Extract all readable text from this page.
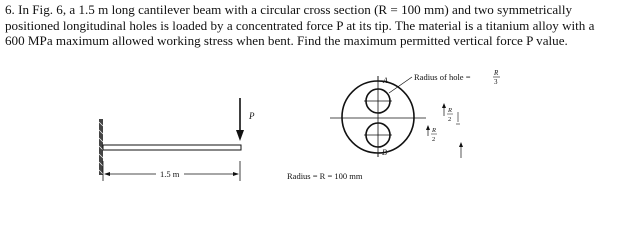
6. In Fig. 6, a 1.5 m long cantilever beam with a circular cross section (R = 100 mm) and two symmetrically positioned longitudinal holes is loaded by a concentrated force P at its tip. The material is a titanium alloy with a 600 MPa maximum allowed working stress when bent. Find the maximum permitted vertical force P value.

P
1.5 m
A
B
Radius of hole =	R
3
R
2
R
2
Radius = R = 100 mm
